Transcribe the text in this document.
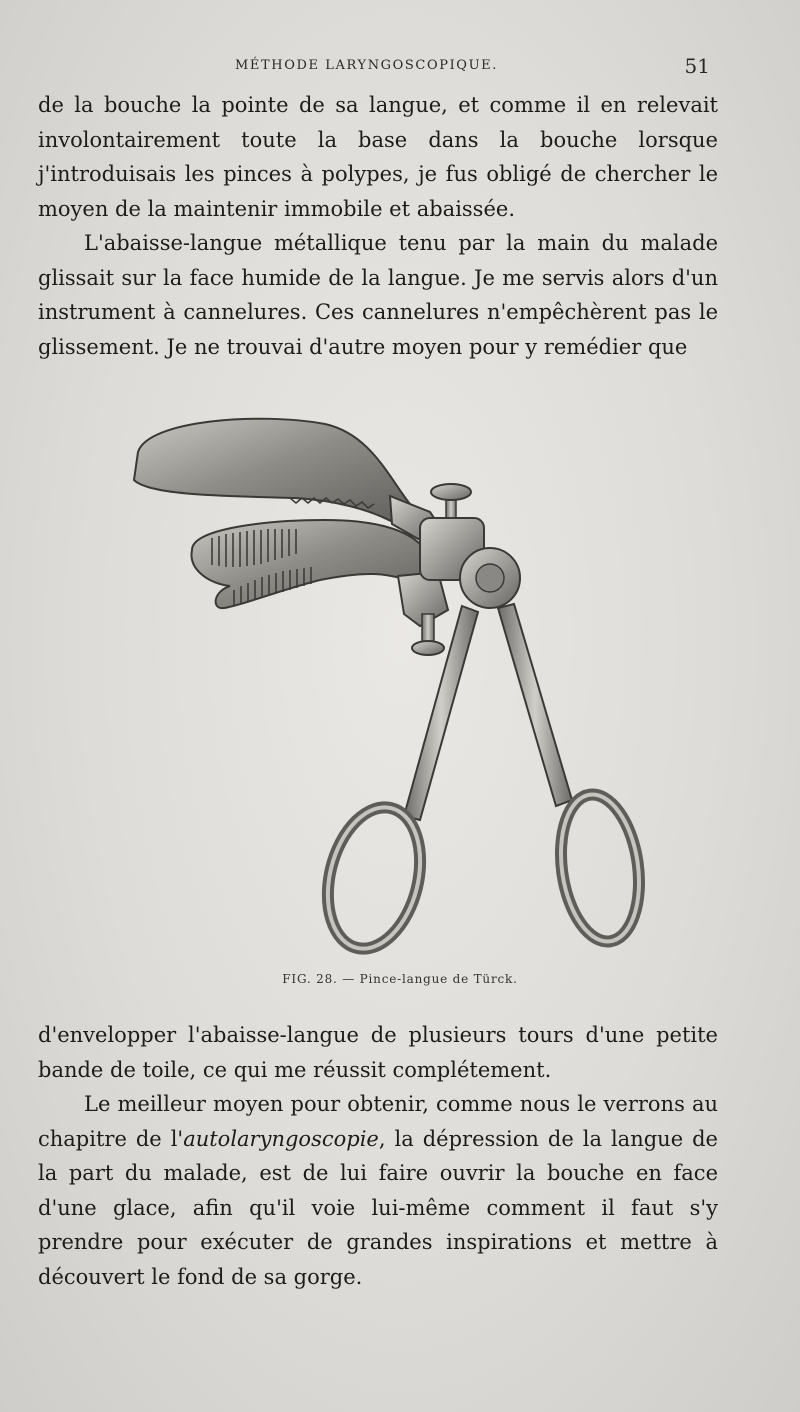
MÉTHODE LARYNGOSCOPIQUE.	51

de la bouche la pointe de sa langue, et comme il en relevait involontairement toute la base dans la bouche lorsque j'introduisais les pinces à polypes, je fus obligé de chercher le moyen de la maintenir immobile et abaissée.

L'abaisse-langue métallique tenu par la main du malade glissait sur la face humide de la langue. Je me servis alors d'un instrument à cannelures. Ces cannelures n'empêchèrent pas le glissement. Je ne trouvai d'autre moyen pour y remédier que

FIG. 28. — Pince-langue de Türck.

d'envelopper l'abaisse-langue de plusieurs tours d'une petite bande de toile, ce qui me réussit complétement.

Le meilleur moyen pour obtenir, comme nous le verrons au chapitre de l'autolaryngoscopie, la dépression de la langue de la part du malade, est de lui faire ouvrir la bouche en face d'une glace, afin qu'il voie lui-même comment il faut s'y prendre pour exécuter de grandes inspirations et mettre à découvert le fond de sa gorge.
